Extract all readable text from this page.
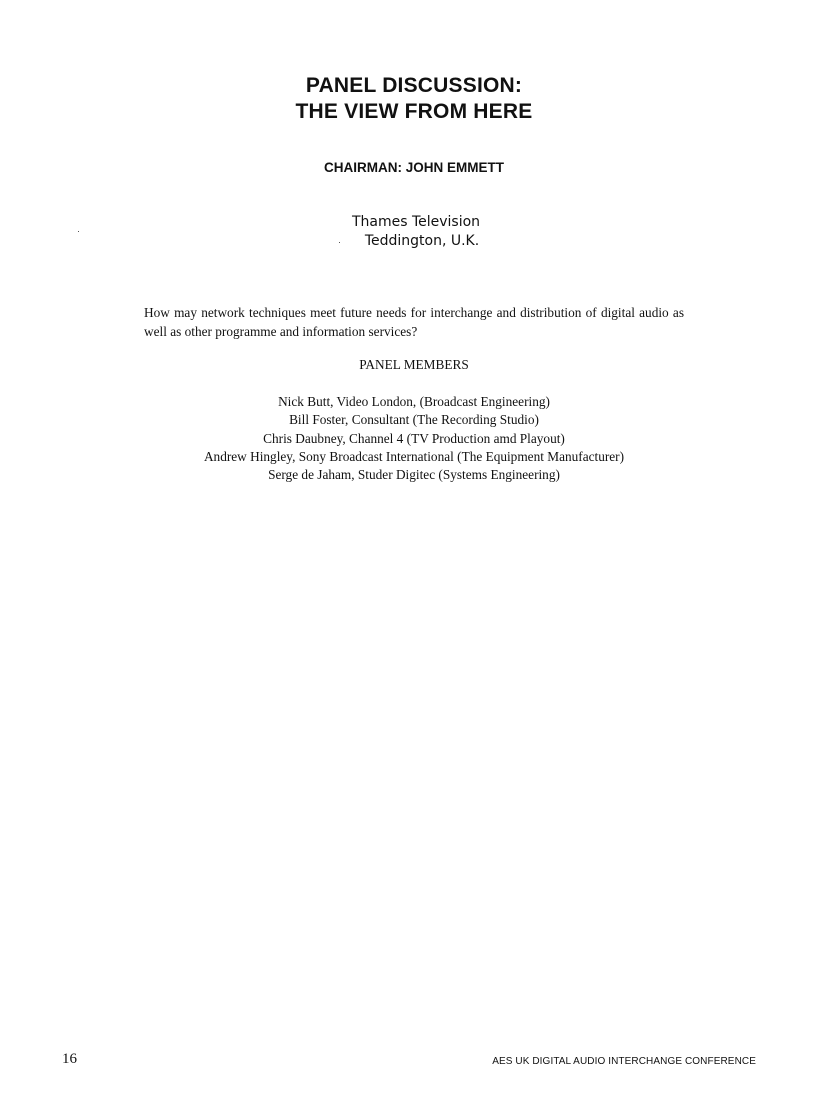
PANEL DISCUSSION:
THE VIEW FROM HERE

CHAIRMAN: JOHN EMMETT

Thames Television

Teddington, U.K.

How may network techniques meet future needs for interchange and distribution of digital audio as well as other programme and information services?

PANEL MEMBERS

Nick Butt, Video London, (Broadcast Engineering)
Bill Foster, Consultant (The Recording Studio)
Chris Daubney, Channel 4 (TV Production amd Playout)
Andrew Hingley, Sony Broadcast International (The Equipment Manufacturer)
Serge de Jaham, Studer Digitec (Systems Engineering)

16	AES UK DIGITAL AUDIO INTERCHANGE CONFERENCE
